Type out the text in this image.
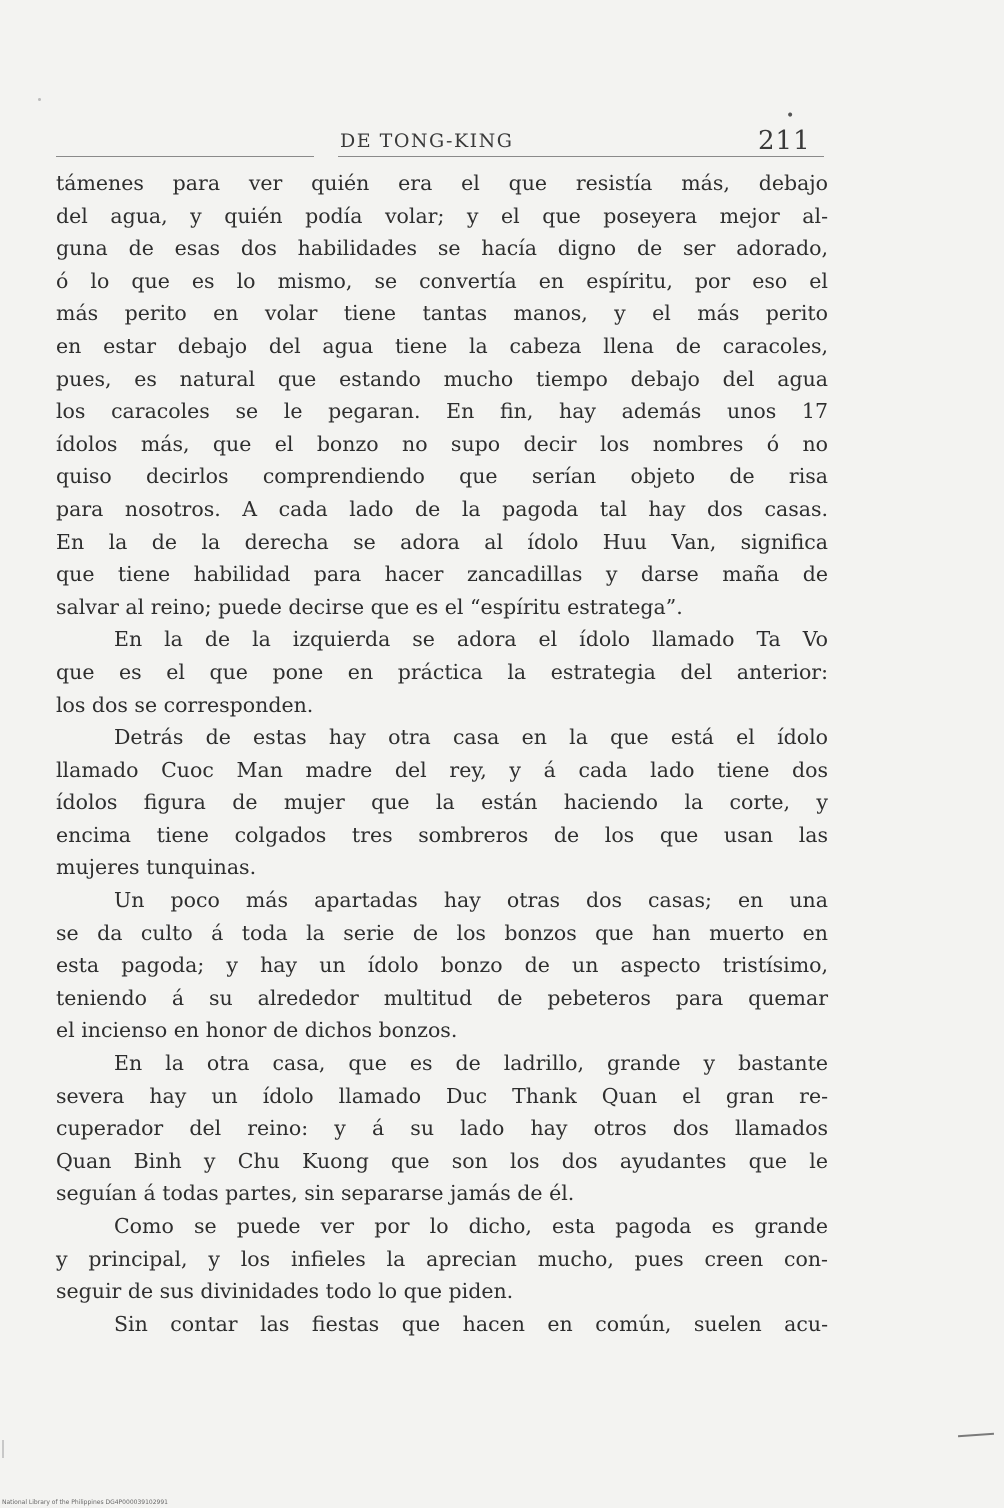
DE TONG-KING
•
211
támenes para ver quién era el que resistía más, debajo
del agua, y quién podía volar; y el que poseyera mejor al-
guna de esas dos habilidades se hacía digno de ser adorado,
ó lo que es lo mismo, se convertía en espíritu, por eso el
más perito en volar tiene tantas manos, y el más perito
en estar debajo del agua tiene la cabeza llena de caracoles,
pues, es natural que estando mucho tiempo debajo del agua
los caracoles se le pegaran. En fin, hay además unos 17
ídolos más, que el bonzo no supo decir los nombres ó no
quiso decirlos comprendiendo que serían objeto de risa
para nosotros. A cada lado de la pagoda tal hay dos casas.
En la de la derecha se adora al ídolo Huu Van, significa
que tiene habilidad para hacer zancadillas y darse maña de
salvar al reino; puede decirse que es el “espíritu estratega”.
En la de la izquierda se adora el ídolo llamado Ta Vo
que es el que pone en práctica la estrategia del anterior:
los dos se corresponden.
Detrás de estas hay otra casa en la que está el ídolo
llamado Cuoc Man madre del rey, y á cada lado tiene dos
ídolos figura de mujer que la están haciendo la corte, y
encima tiene colgados tres sombreros de los que usan las
mujeres tunquinas.
Un poco más apartadas hay otras dos casas; en una
se da culto á toda la serie de los bonzos que han muerto en
esta pagoda; y hay un ídolo bonzo de un aspecto tristísimo,
teniendo á su alrededor multitud de pebeteros para quemar
el incienso en honor de dichos bonzos.
En la otra casa, que es de ladrillo, grande y bastante
severa hay un ídolo llamado Duc Thank Quan el gran re-
cuperador del reino: y á su lado hay otros dos llamados
Quan Binh y Chu Kuong que son los dos ayudantes que le
seguían á todas partes, sin separarse jamás de él.
Como se puede ver por lo dicho, esta pagoda es grande
y principal, y los infieles la aprecian mucho, pues creen con-
seguir de sus divinidades todo lo que piden.
Sin contar las fiestas que hacen en común, suelen acu-
National Library of the Philippines DG4P000039102991
